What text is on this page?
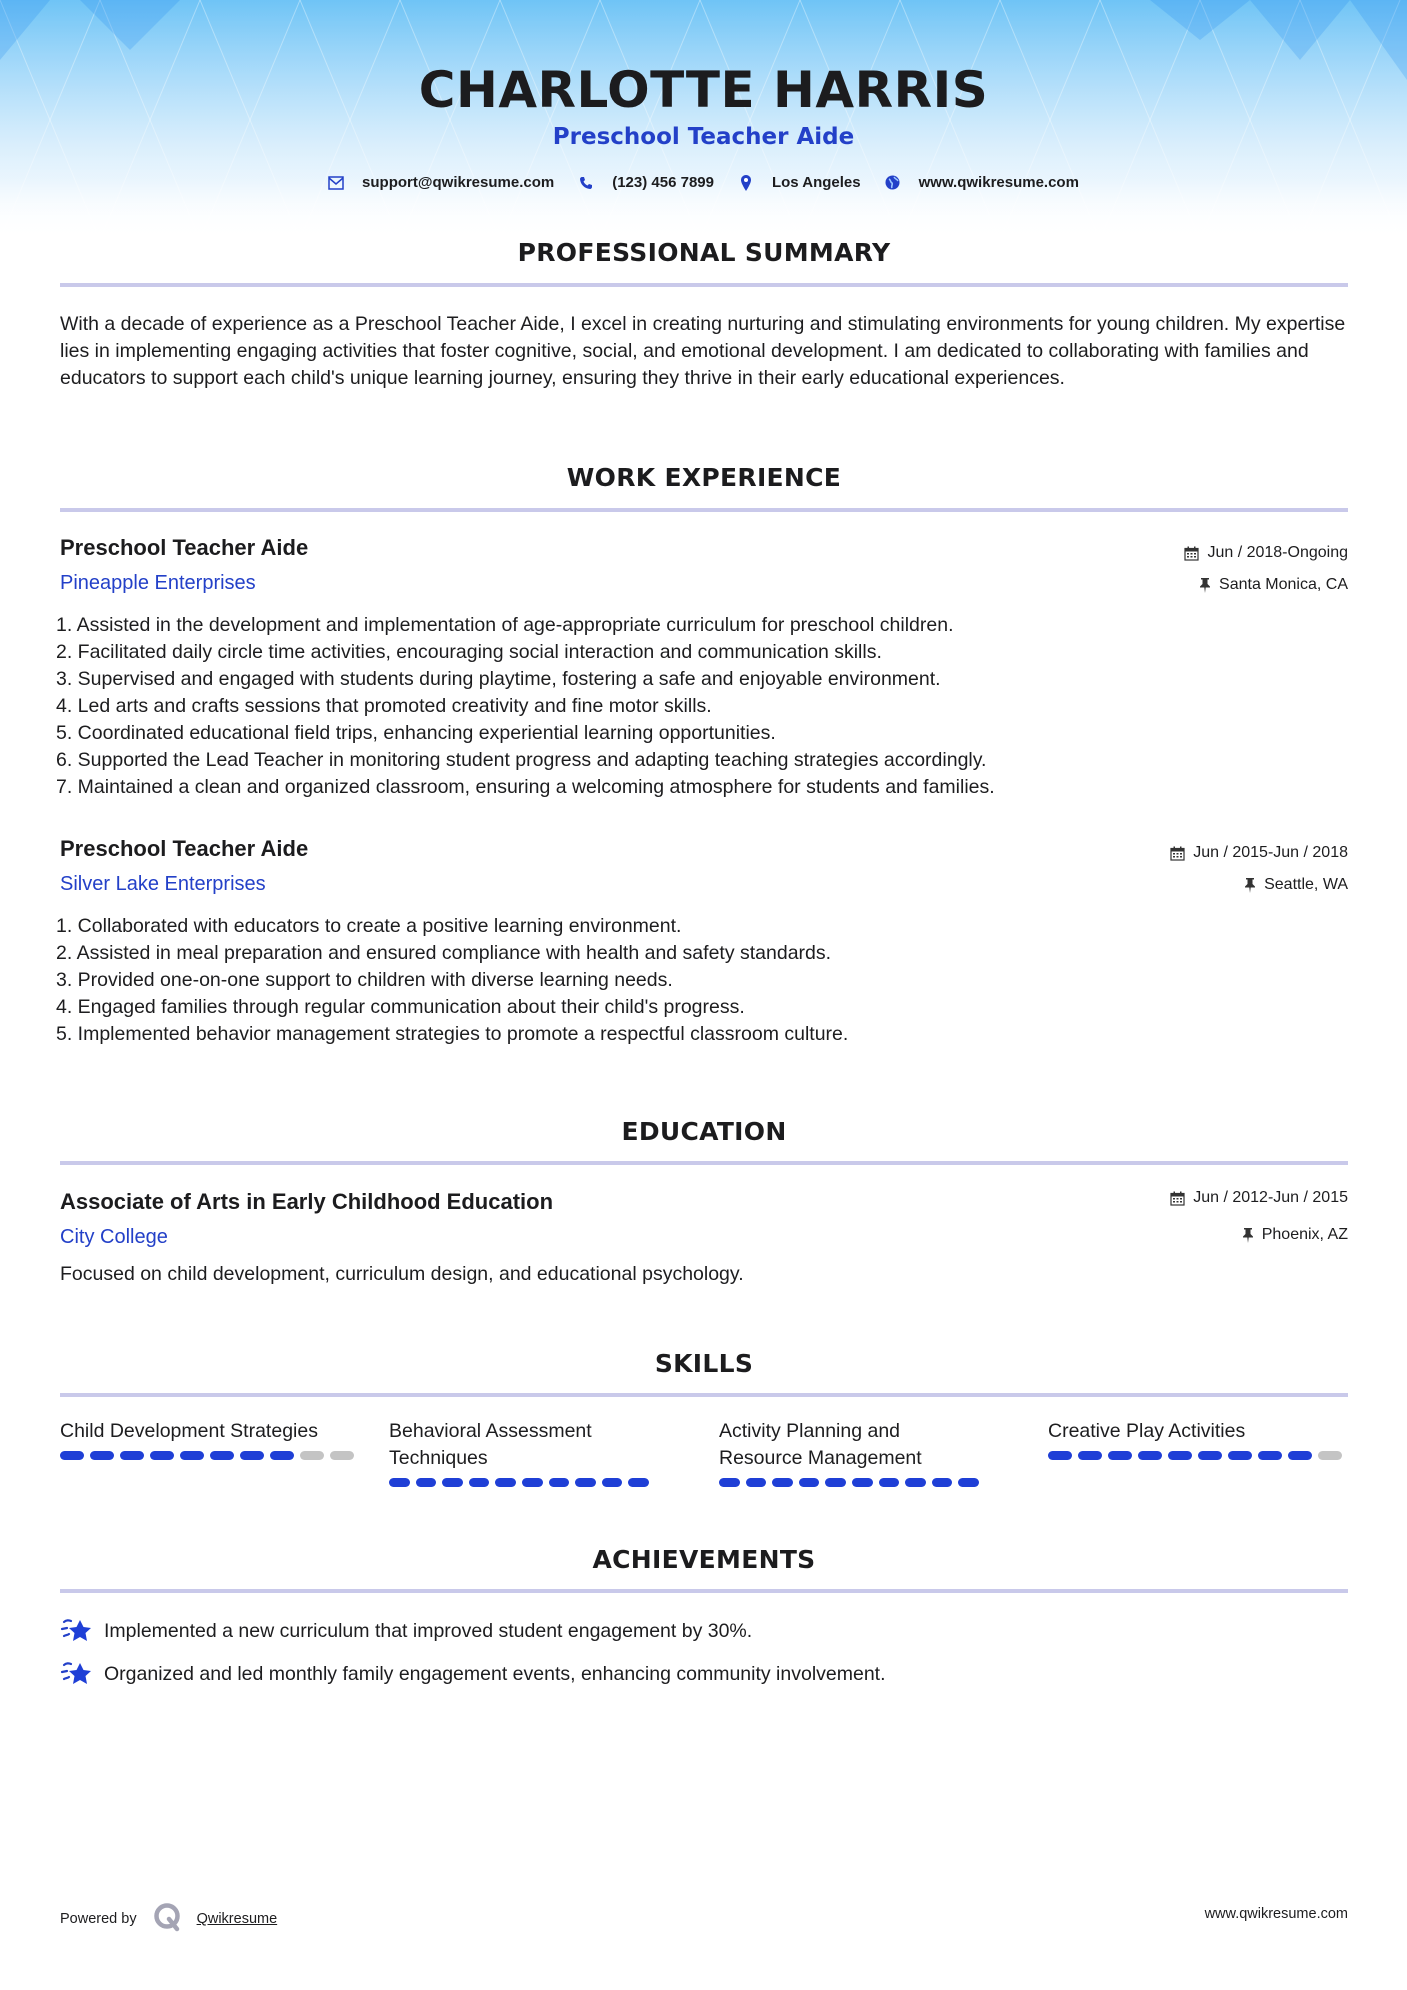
CHARLOTTE HARRIS
Preschool Teacher Aide
support@qwikresume.com	(123) 456 7899	Los Angeles	www.qwikresume.com
PROFESSIONAL SUMMARY
With a decade of experience as a Preschool Teacher Aide, I excel in creating nurturing and stimulating environments for young children. My expertise lies in implementing engaging activities that foster cognitive, social, and emotional development. I am dedicated to collaborating with families and educators to support each child's unique learning journey, ensuring they thrive in their early educational experiences.
WORK EXPERIENCE
Preschool Teacher Aide	Jun / 2018-Ongoing
Pineapple Enterprises	Santa Monica, CA
1. Assisted in the development and implementation of age-appropriate curriculum for preschool children.
2. Facilitated daily circle time activities, encouraging social interaction and communication skills.
3. Supervised and engaged with students during playtime, fostering a safe and enjoyable environment.
4. Led arts and crafts sessions that promoted creativity and fine motor skills.
5. Coordinated educational field trips, enhancing experiential learning opportunities.
6. Supported the Lead Teacher in monitoring student progress and adapting teaching strategies accordingly.
7. Maintained a clean and organized classroom, ensuring a welcoming atmosphere for students and families.
Preschool Teacher Aide	Jun / 2015-Jun / 2018
Silver Lake Enterprises	Seattle, WA
1. Collaborated with educators to create a positive learning environment.
2. Assisted in meal preparation and ensured compliance with health and safety standards.
3. Provided one-on-one support to children with diverse learning needs.
4. Engaged families through regular communication about their child's progress.
5. Implemented behavior management strategies to promote a respectful classroom culture.
EDUCATION
Associate of Arts in Early Childhood Education	Jun / 2012-Jun / 2015
City College	Phoenix, AZ
Focused on child development, curriculum design, and educational psychology.
SKILLS
Child Development Strategies	Behavioral Assessment Techniques
Activity Planning and Resource Management
Creative Play Activities
ACHIEVEMENTS
Implemented a new curriculum that improved student engagement by 30%.
Organized and led monthly family engagement events, enhancing community involvement.
Powered by	Qwikresume	www.qwikresume.com
